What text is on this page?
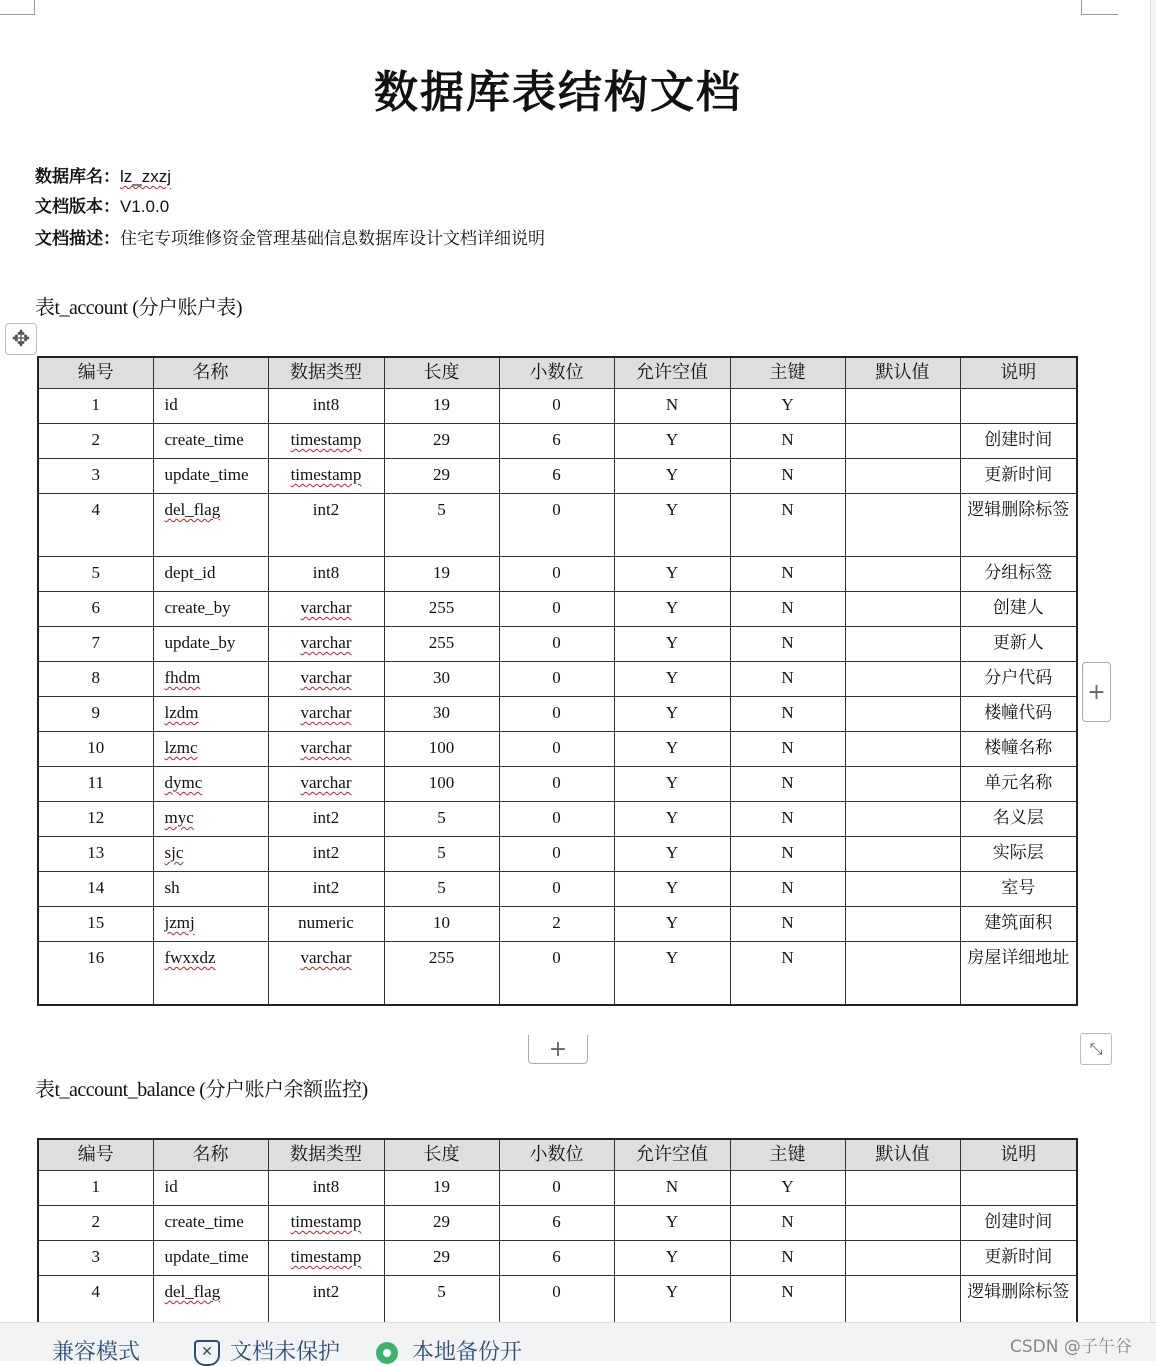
数据库表结构文档
数据库名：lz_zxzj
文档版本：V1.0.0
文档描述：住宅专项维修资金管理基础信息数据库设计文档详细说明
表t_account (分户账户表)
✥
编号	名称	数据类型	长度	小数位	允许空值	主键	默认值	说明
1	id	int8	19	0	N	Y		
2	create_time	timestamp	29	6	Y	N		创建时间
3	update_time	timestamp	29	6	Y	N		更新时间
4	del_flag	int2	5	0	Y	N		逻辑删除标签
5	dept_id	int8	19	0	Y	N		分组标签
6	create_by	varchar	255	0	Y	N		创建人
7	update_by	varchar	255	0	Y	N		更新人
8	fhdm	varchar	30	0	Y	N		分户代码
9	lzdm	varchar	30	0	Y	N		楼幢代码
10	lzmc	varchar	100	0	Y	N		楼幢名称
11	dymc	varchar	100	0	Y	N		单元名称
12	myc	int2	5	0	Y	N		名义层
13	sjc	int2	5	0	Y	N		实际层
14	sh	int2	5	0	Y	N		室号
15	jzmj	numeric	10	2	Y	N		建筑面积
16	fwxxdz	varchar	255	0	Y	N		房屋详细地址
+
+	⤡
表t_account_balance (分户账户余额监控)
编号	名称	数据类型	长度	小数位	允许空值	主键	默认值	说明
1	id	int8	19	0	N	Y		
2	create_time	timestamp	29	6	Y	N		创建时间
3	update_time	timestamp	29	6	Y	N		更新时间
4	del_flag	int2	5	0	Y	N		逻辑删除标签
兼容模式	✕ 文档未保护	本地备份开	CSDN @子午谷
